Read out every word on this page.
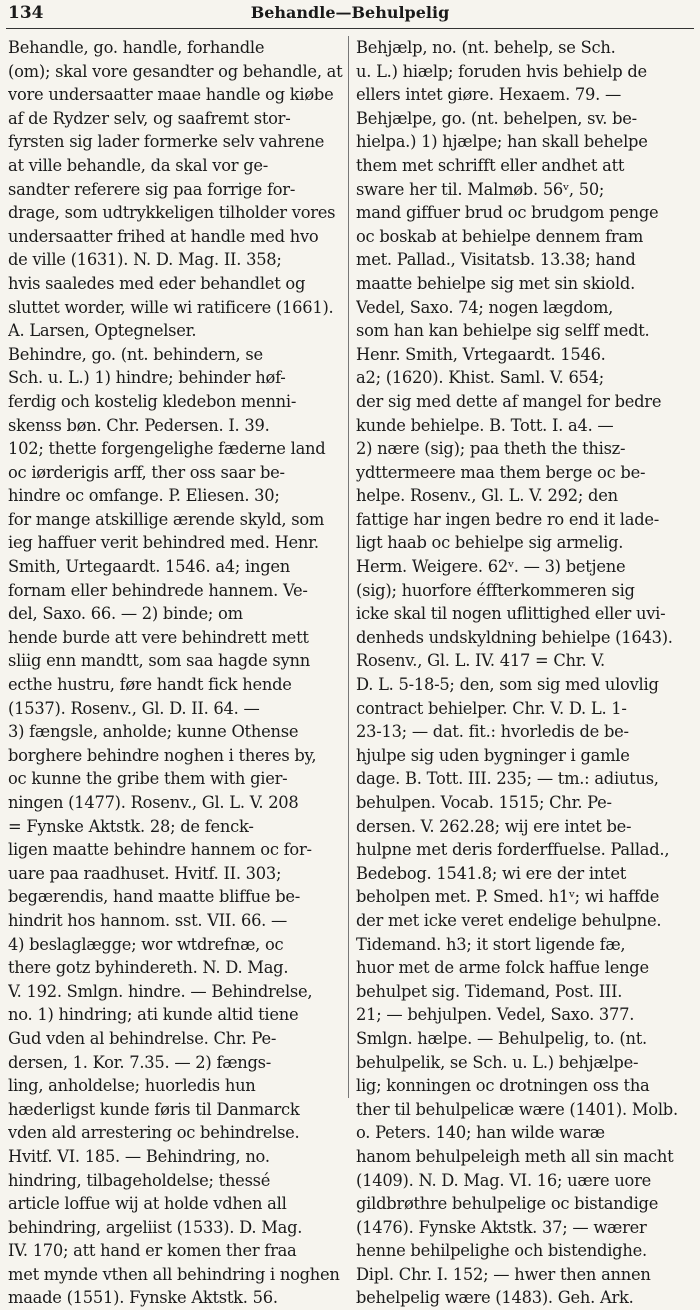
134	Behandle—Behulpelig
Behandle, go. handle, forhandle
(om); skal vore gesandter og behandle, at
vore undersaatter maae handle og kiøbe
af de Rydzer selv, og saafremt stor-
fyrsten sig lader formerke selv vahrene
at ville behandle, da skal vor ge-
sandter referere sig paa forrige for-
drage, som udtrykkeligen tilholder vores
undersaatter frihed at handle med hvo
de ville (1631). N. D. Mag. II. 358;
hvis saaledes med eder behandlet og
sluttet worder, wille wi ratificere (1661).
A. Larsen, Optegnelser.
Behindre, go. (nt. behindern, se
Sch. u. L.) 1) hindre; behinder høf-
ferdig och kostelig kledebon menni-
skenss bøn. Chr. Pedersen. I. 39.
102; thette forgengelighe fæderne land
oc iørderigis arff, ther oss saar be-
hindre oc omfange. P. Eliesen. 30;
for mange atskillige ærende skyld, som
ieg haffuer verit behindred med. Henr.
Smith, Urtegaardt. 1546. a4; ingen
fornam eller behindrede hannem. Ve-
del, Saxo. 66. — 2) binde; om
hende burde att vere behindrett mett
sliig enn mandtt, som saa hagde synn
ecthe hustru, føre handt fick hende
(1537). Rosenv., Gl. D. II. 64. —
3) fængsle, anholde; kunne Othense
borghere behindre noghen i theres by,
oc kunne the gribe them with gier-
ningen (1477). Rosenv., Gl. L. V. 208
= Fynske Aktstk. 28; de fenck-
ligen maatte behindre hannem oc for-
uare paa raadhuset. Hvitf. II. 303;
begærendis, hand maatte bliffue be-
hindrit hos hannom. sst. VII. 66. —
4) beslaglægge; wor wtdrefnæ, oc
there gotz byhindereth. N. D. Mag.
V. 192. Smlgn. hindre. — Behindrelse,
no. 1) hindring; ati kunde altid tiene
Gud vden al behindrelse. Chr. Pe-
dersen, 1. Kor. 7.35. — 2) fængs-
ling, anholdelse; huorledis hun
hæderligst kunde føris til Danmarck
vden ald arrestering oc behindrelse.
Hvitf. VI. 185. — Behindring, no.
hindring, tilbageholdelse; thessé
article loffue wij at holde vdhen all
behindring, argeliist (1533). D. Mag.
IV. 170; att hand er komen ther fraa
met mynde vthen all behindring i noghen
maade (1551). Fynske Aktstk. 56.
Behjælp, no. (nt. behelp, se Sch.
u. L.) hiælp; foruden hvis behielp de
ellers intet giøre. Hexaem. 79. —
Behjælpe, go. (nt. behelpen, sv. be-
hielpa.) 1) hjælpe; han skall behelpe
them met schrifft eller andhet att
sware her til. Malmøb. 56ᵛ, 50;
mand giffuer brud oc brudgom penge
oc boskab at behielpe dennem fram
met. Pallad., Visitatsb. 13.38; hand
maatte behielpe sig met sin skiold.
Vedel, Saxo. 74; nogen lægdom,
som han kan behielpe sig selff medt.
Henr. Smith, Vrtegaardt. 1546.
a2; (1620). Khist. Saml. V. 654;
der sig med dette af mangel for bedre
kunde behielpe. B. Tott. I. a4. —
2) nære (sig); paa theth the thisz-
ydttermeere maa them berge oc be-
helpe. Rosenv., Gl. L. V. 292; den
fattige har ingen bedre ro end it lade-
ligt haab oc behielpe sig armelig.
Herm. Weigere. 62ᵛ. — 3) betjene
(sig); huorfore éffterkommeren sig
icke skal til nogen uflittighed eller uvi-
denheds undskyldning behielpe (1643).
Rosenv., Gl. L. IV. 417 = Chr. V.
D. L. 5-18-5; den, som sig med ulovlig
contract behielper. Chr. V. D. L. 1-
23-13; — dat. fit.: hvorledis de be-
hjulpe sig uden bygninger i gamle
dage. B. Tott. III. 235; — tm.: adiutus,
behulpen. Vocab. 1515; Chr. Pe-
dersen. V. 262.28; wij ere intet be-
hulpne met deris forderffuelse. Pallad.,
Bedebog. 1541.8; wi ere der intet
beholpen met. P. Smed. h1ᵛ; wi haffde
der met icke veret endelige behulpne.
Tidemand. h3; it stort ligende fæ,
huor met de arme folck haffue lenge
behulpet sig. Tidemand, Post. III.
21; — behjulpen. Vedel, Saxo. 377.
Smlgn. hælpe. — Behulpelig, to. (nt.
behulpelik, se Sch. u. L.) behjælpe-
lig; konningen oc drotningen oss tha
ther til behulpelicæ wære (1401). Molb.
o. Peters. 140; han wilde waræ
hanom behulpeleigh meth all sin macht
(1409). N. D. Mag. VI. 16; uære uore
gildbrøthre behulpelige oc bistandige
(1476). Fynske Aktstk. 37; — wærer
henne behilpelighe och bistendighe.
Dipl. Chr. I. 152; — hwer then annen
behelpelig wære (1483). Geh. Ark.
